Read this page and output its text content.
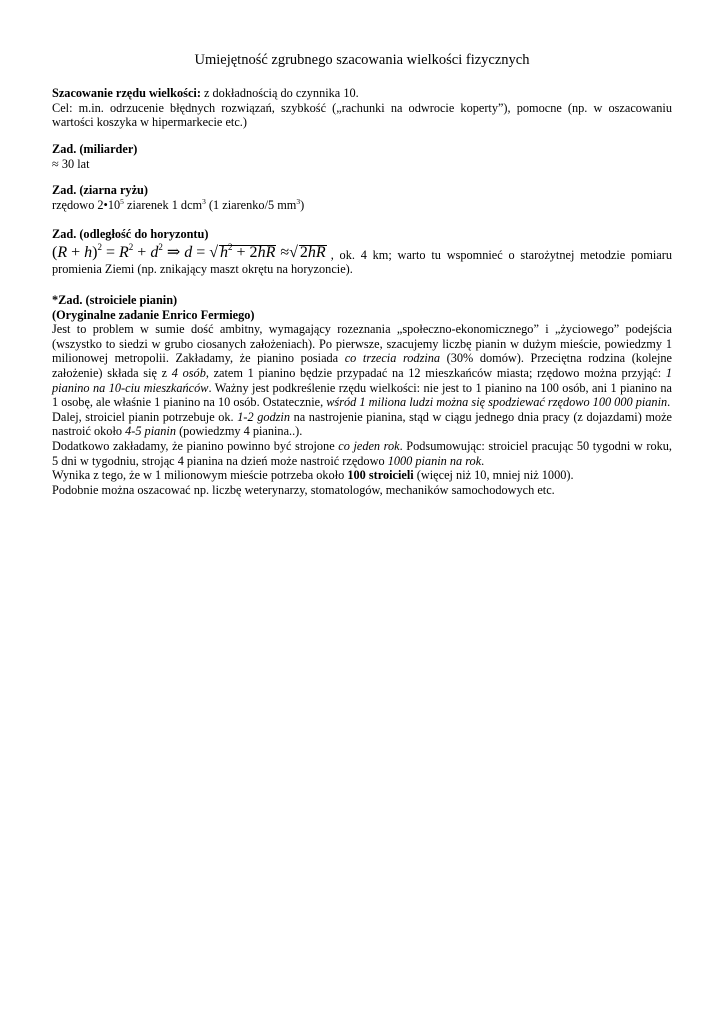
Umiejętność zgrubnego szacowania wielkości fizycznych

Szacowanie rzędu wielkości: z dokładnością do czynnika 10.

Cel: m.in. odrzucenie błędnych rozwiązań, szybkość („rachunki na odwrocie koperty”), pomocne (np. w oszacowaniu wartości koszyka w hipermarkecie etc.)

Zad. (miliarder)

≈ 30 lat

Zad. (ziarna ryżu)

rzędowo $2•10^5$ ziarenek 1 dcm$^3$ (1 ziarenko/5 $mm^3$)

Zad. (odległość do horyzontu)

$(R + h)^2 = R^2 + d^2$ ⇒ d = √ $h^2 + 2hR$ ≈√ 2hR , ok. 4 km; warto tu wspomnieć o starożytnej metodzie pomiaru

promienia Ziemi (np. znikający maszt okrętu na horyzoncie).

*Zad. (stroiciele pianin)

(Oryginalne zadanie Enrico Fermiego)

Jest to problem w sumie dość ambitny, wymagający rozeznania „społeczno-ekonomicznego” i „życiowego” podejścia (wszystko to siedzi w grubo ciosanych założeniach). Po pierwsze, szacujemy liczbę pianin w dużym mieście, powiedzmy 1 milionowej metropolii. Zakładamy, że pianino posiada co trzecia rodzina (30% domów). Przeciętna rodzina (kolejne założenie) składa się z 4 osób, zatem 1 pianino będzie przypadać na 12 mieszkańców miasta; rzędowo można przyjąć: 1 pianino na 10-ciu mieszkańców. Ważny jest podkreślenie rzędu wielkości: nie jest to 1 pianino na 100 osób, ani 1 pianino na 1 osobę, ale właśnie 1 pianino na 10 osób. Ostatecznie, wśród 1 miliona ludzi można się spodziewać rzędowo 100 000 pianin.

Dalej, stroiciel pianin potrzebuje ok. 1-2 godzin na nastrojenie pianina, stąd w ciągu jednego dnia pracy (z dojazdami) może nastroić około 4-5 pianin (powiedzmy 4 pianina..).

Dodatkowo zakładamy, że pianino powinno być strojone co jeden rok. Podsumowując: stroiciel pracując 50 tygodni w roku, 5 dni w tygodniu, strojąc 4 pianina na dzień może nastroić rzędowo 1000 pianin na rok.

Wynika z tego, że w 1 milionowym mieście potrzeba około 100 stroicieli (więcej niż 10, mniej niż 1000).

Podobnie można oszacować np. liczbę weterynarzy, stomatologów, mechaników samochodowych etc.
